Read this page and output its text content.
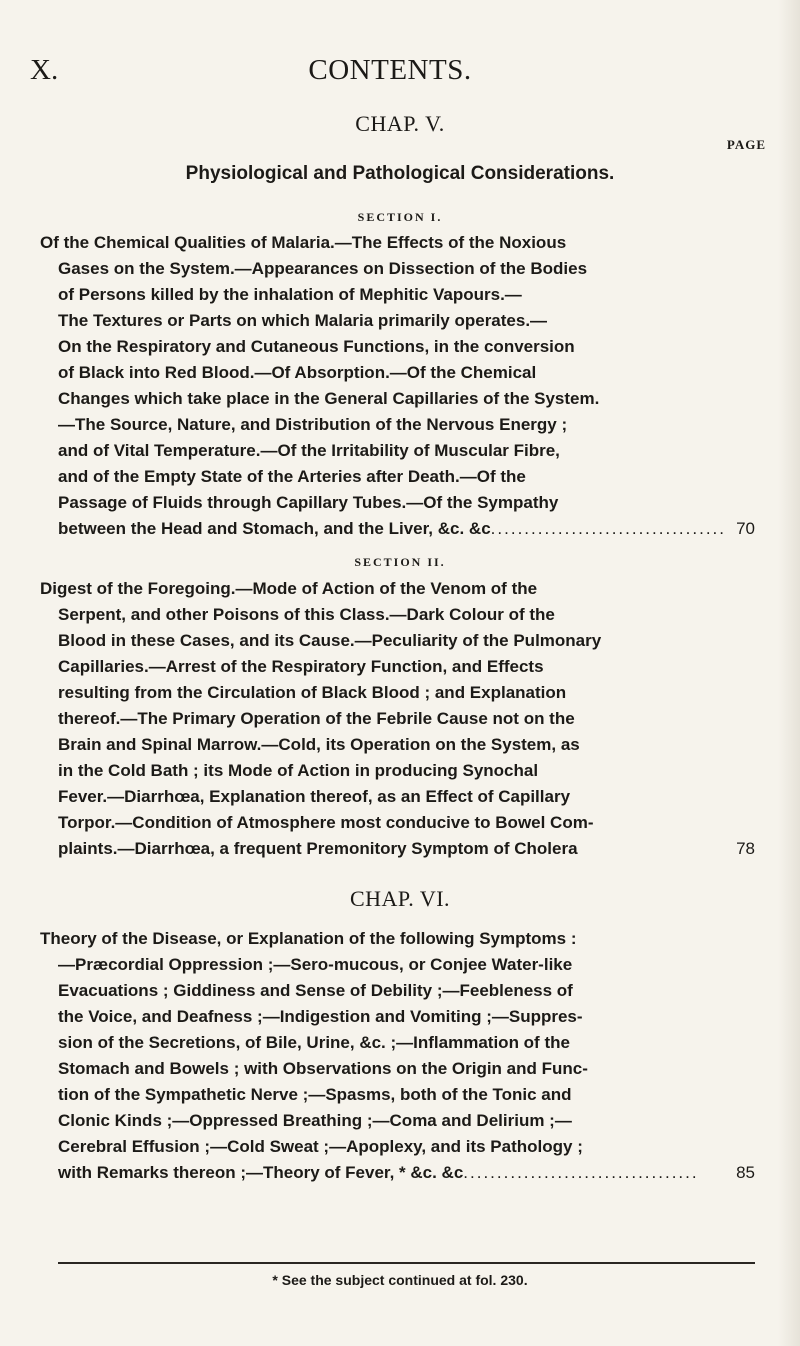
X.	CONTENTS.
CHAP. V.
PAGE
Physiological and Pathological Considerations.
SECTION I.
Of the Chemical Qualities of Malaria.—The Effects of the Noxious
Gases on the System.—Appearances on Dissection of the Bodies
of Persons killed by the inhalation of Mephitic Vapours.—
The Textures or Parts on which Malaria primarily operates.—
On the Respiratory and Cutaneous Functions, in the conversion
of Black into Red Blood.—Of Absorption.—Of the Chemical
Changes which take place in the General Capillaries of the System.
—The Source, Nature, and Distribution of the Nervous Energy ;
and of Vital Temperature.—Of the Irritability of Muscular Fibre,
and of the Empty State of the Arteries after Death.—Of the
Passage of Fluids through Capillary Tubes.—Of the Sympathy
between the Head and Stomach, and the Liver, &c. &c ................................... 70
SECTION II.
Digest of the Foregoing.—Mode of Action of the Venom of the
Serpent, and other Poisons of this Class.—Dark Colour of the
Blood in these Cases, and its Cause.—Peculiarity of the Pulmonary
Capillaries.—Arrest of the Respiratory Function, and Effects
resulting from the Circulation of Black Blood ; and Explanation
thereof.—The Primary Operation of the Febrile Cause not on the
Brain and Spinal Marrow.—Cold, its Operation on the System, as
in the Cold Bath ; its Mode of Action in producing Synochal
Fever.—Diarrhœa, Explanation thereof, as an Effect of Capillary
Torpor.—Condition of Atmosphere most conducive to Bowel Com-
plaints.—Diarrhœa, a frequent Premonitory Symptom of Cholera	78
CHAP. VI.
Theory of the Disease, or Explanation of the following Symptoms :
—Præcordial Oppression ;—Sero-mucous, or Conjee Water-like
Evacuations ; Giddiness and Sense of Debility ;—Feebleness of
the Voice, and Deafness ;—Indigestion and Vomiting ;—Suppres-
sion of the Secretions, of Bile, Urine, &c. ;—Inflammation of the
Stomach and Bowels ; with Observations on the Origin and Func-
tion of the Sympathetic Nerve ;—Spasms, both of the Tonic and
Clonic Kinds ;—Oppressed Breathing ;—Coma and Delirium ;—
Cerebral Effusion ;—Cold Sweat ;—Apoplexy, and its Pathology ;
with Remarks thereon ;—Theory of Fever, * &c. &c ...................................	85
* See the subject continued at fol. 230.
